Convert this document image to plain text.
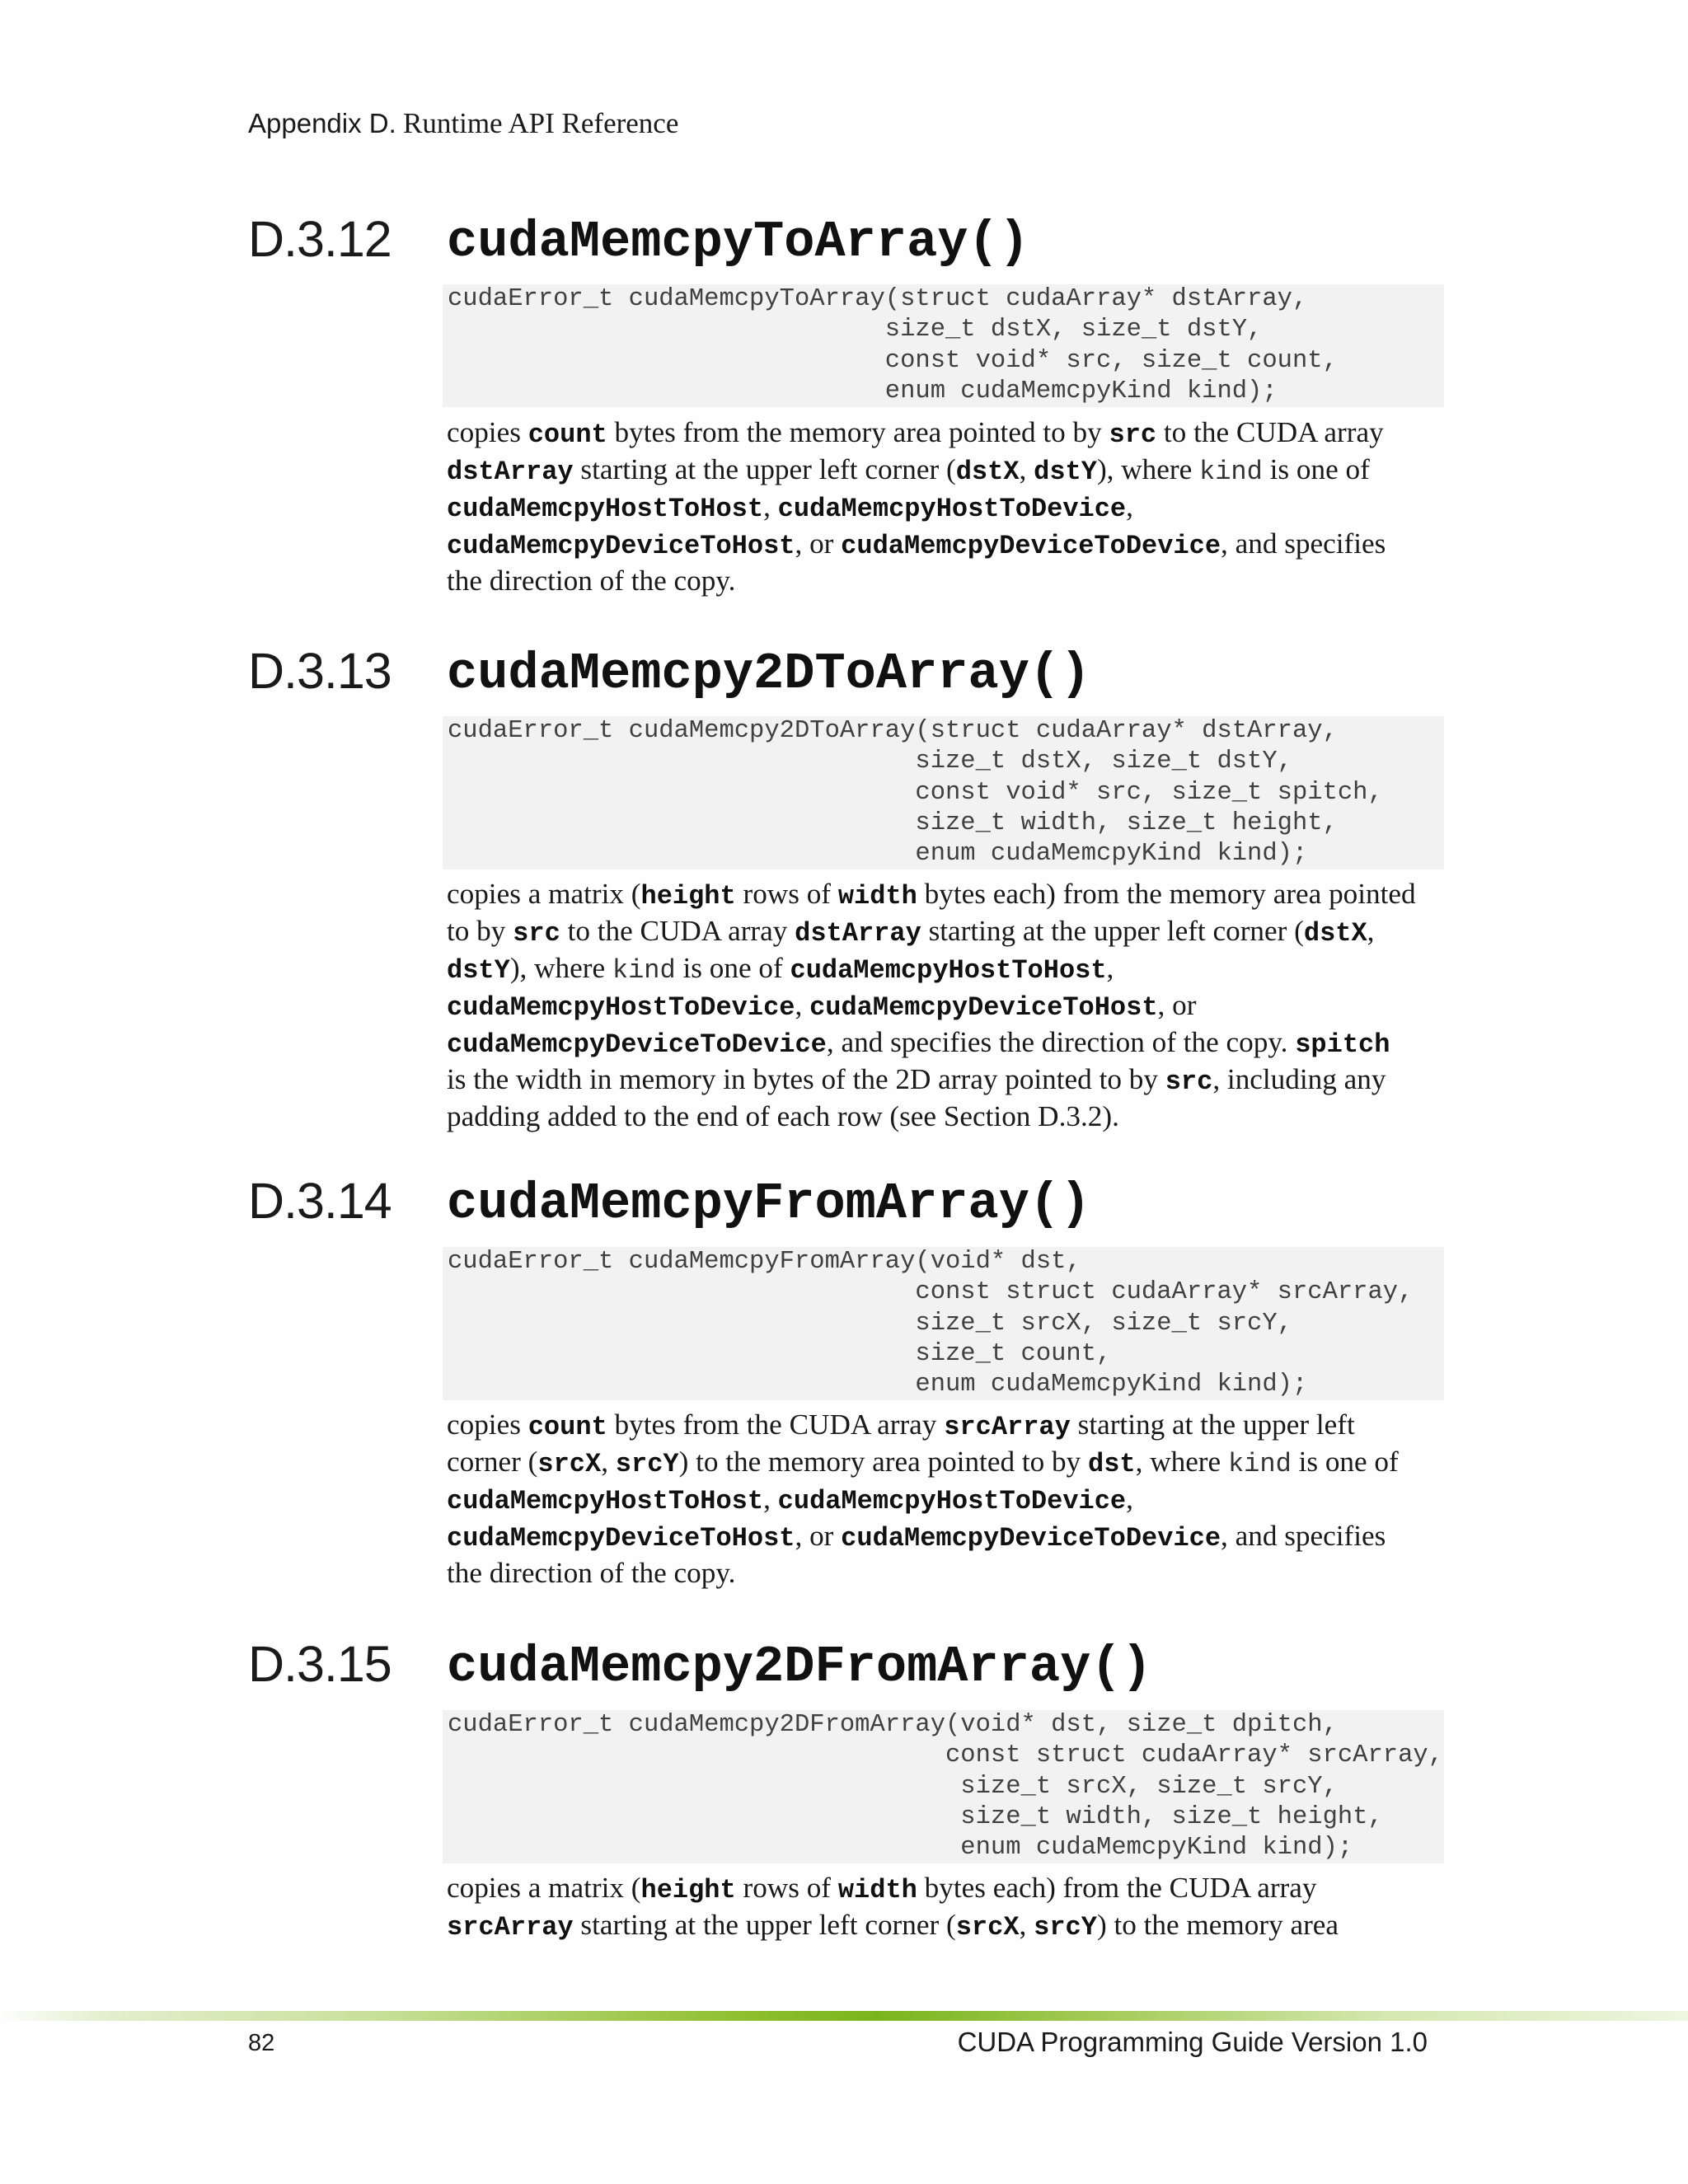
Appendix D. Runtime API Reference
D.3.12 cudaMemcpyToArray()
cudaError_t cudaMemcpyToArray(struct cudaArray* dstArray,
size_t dstX, size_t dstY,
const void* src, size_t count,
enum cudaMemcpyKind kind);
copies count bytes from the memory area pointed to by src to the CUDA array
dstArray starting at the upper left corner (dstX, dstY), where kind is one of
cudaMemcpyHostToHost, cudaMemcpyHostToDevice,
cudaMemcpyDeviceToHost, or cudaMemcpyDeviceToDevice, and specifies
the direction of the copy.
D.3.13 cudaMemcpy2DToArray()
cudaError_t cudaMemcpy2DToArray(struct cudaArray* dstArray,
size_t dstX, size_t dstY,
const void* src, size_t spitch,
size_t width, size_t height,
enum cudaMemcpyKind kind);
copies a matrix (height rows of width bytes each) from the memory area pointed
to by src to the CUDA array dstArray starting at the upper left corner (dstX,
dstY), where kind is one of cudaMemcpyHostToHost,
cudaMemcpyHostToDevice, cudaMemcpyDeviceToHost, or
cudaMemcpyDeviceToDevice, and specifies the direction of the copy. spitch
is the width in memory in bytes of the 2D array pointed to by src, including any
padding added to the end of each row (see Section D.3.2).
D.3.14 cudaMemcpyFromArray()
cudaError_t cudaMemcpyFromArray(void* dst,
const struct cudaArray* srcArray,
size_t srcX, size_t srcY,
size_t count,
enum cudaMemcpyKind kind);
copies count bytes from the CUDA array srcArray starting at the upper left
corner (srcX, srcY) to the memory area pointed to by dst, where kind is one of
cudaMemcpyHostToHost, cudaMemcpyHostToDevice,
cudaMemcpyDeviceToHost, or cudaMemcpyDeviceToDevice, and specifies
the direction of the copy.
D.3.15 cudaMemcpy2DFromArray()
cudaError_t cudaMemcpy2DFromArray(void* dst, size_t dpitch,
const struct cudaArray* srcArray,
size_t srcX, size_t srcY,
size_t width, size_t height,
enum cudaMemcpyKind kind);
copies a matrix (height rows of width bytes each) from the CUDA array
srcArray starting at the upper left corner (srcX, srcY) to the memory area
82	CUDA Programming Guide Version 1.0
